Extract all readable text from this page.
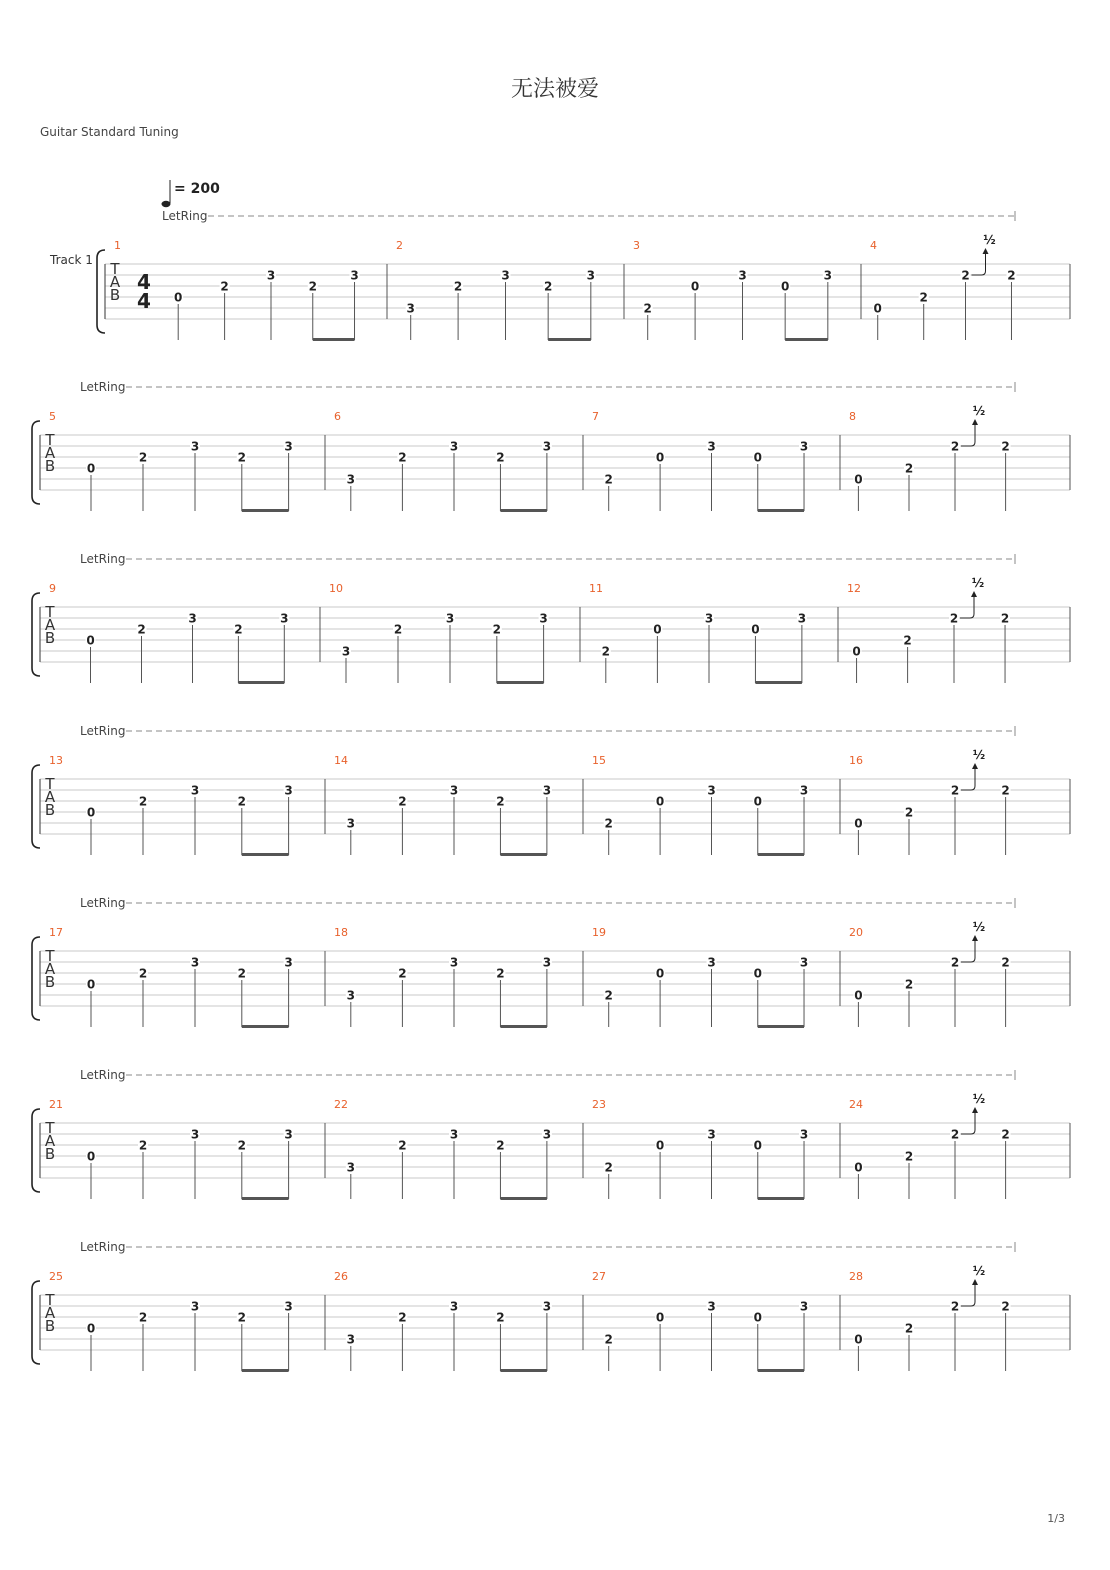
无法被爱
Guitar Standard Tuning
1/3
T
A
B
Track 1
4
4
= 200
LetRing
1
0
2
3
2
3
2
3
2
3
2
3
3
2
0
3
0
3
4
0
2
2
½
2
T
A
B
LetRing
5
0
2
3
2
3
6
3
2
3
2
3
7
2
0
3
0
3
8
0
2
2
½
2
T
A
B
LetRing
9
0
2
3
2
3
10
3
2
3
2
3
11
2
0
3
0
3
12
0
2
2
½
2
T
A
B
LetRing
13
0
2
3
2
3
14
3
2
3
2
3
15
2
0
3
0
3
16
0
2
2
½
2
T
A
B
LetRing
17
0
2
3
2
3
18
3
2
3
2
3
19
2
0
3
0
3
20
0
2
2
½
2
T
A
B
LetRing
21
0
2
3
2
3
22
3
2
3
2
3
23
2
0
3
0
3
24
0
2
2
½
2
T
A
B
LetRing
25
0
2
3
2
3
26
3
2
3
2
3
27
2
0
3
0
3
28
0
2
2
½
2
